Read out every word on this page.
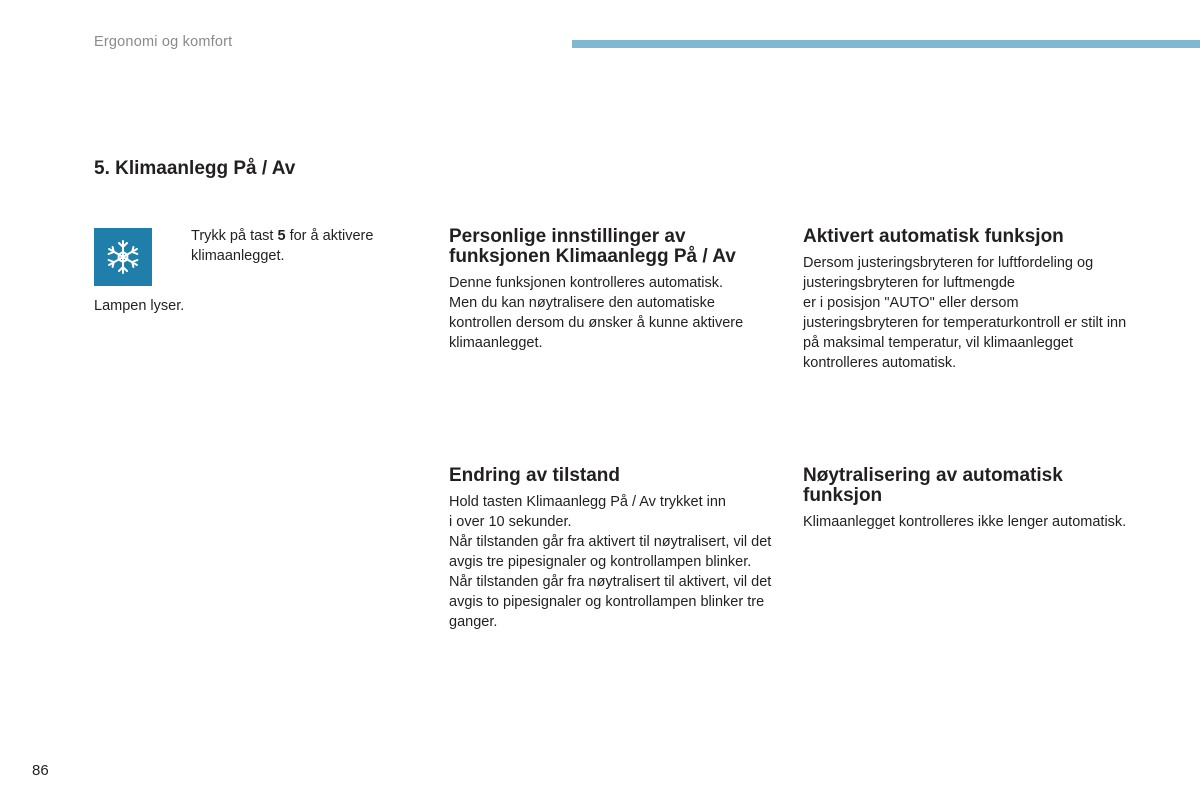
Ergonomi og komfort
5. Klimaanlegg På / Av
Trykk på tast 5 for å aktivere klimaanlegget.
Lampen lyser.
Personlige innstillinger av funksjonen Klimaanlegg På / Av

Denne funksjonen kontrolleres automatisk.
Men du kan nøytralisere den automatiske kontrollen dersom du ønsker å kunne aktivere klimaanlegget.

Aktivert automatisk funksjon

Dersom justeringsbryteren for luftfordeling og justeringsbryteren for luftmengde
er i posisjon "AUTO" eller dersom justeringsbryteren for temperaturkontroll er stilt inn på maksimal temperatur, vil klimaanlegget kontrolleres automatisk.

Endring av tilstand

Hold tasten Klimaanlegg På / Av trykket inn
i over 10 sekunder.
Når tilstanden går fra aktivert til nøytralisert, vil det avgis tre pipesignaler og kontrollampen blinker.
Når tilstanden går fra nøytralisert til aktivert, vil det avgis to pipesignaler og kontrollampen blinker tre ganger.

Nøytralisering av automatisk funksjon

Klimaanlegget kontrolleres ikke lenger automatisk.

86
